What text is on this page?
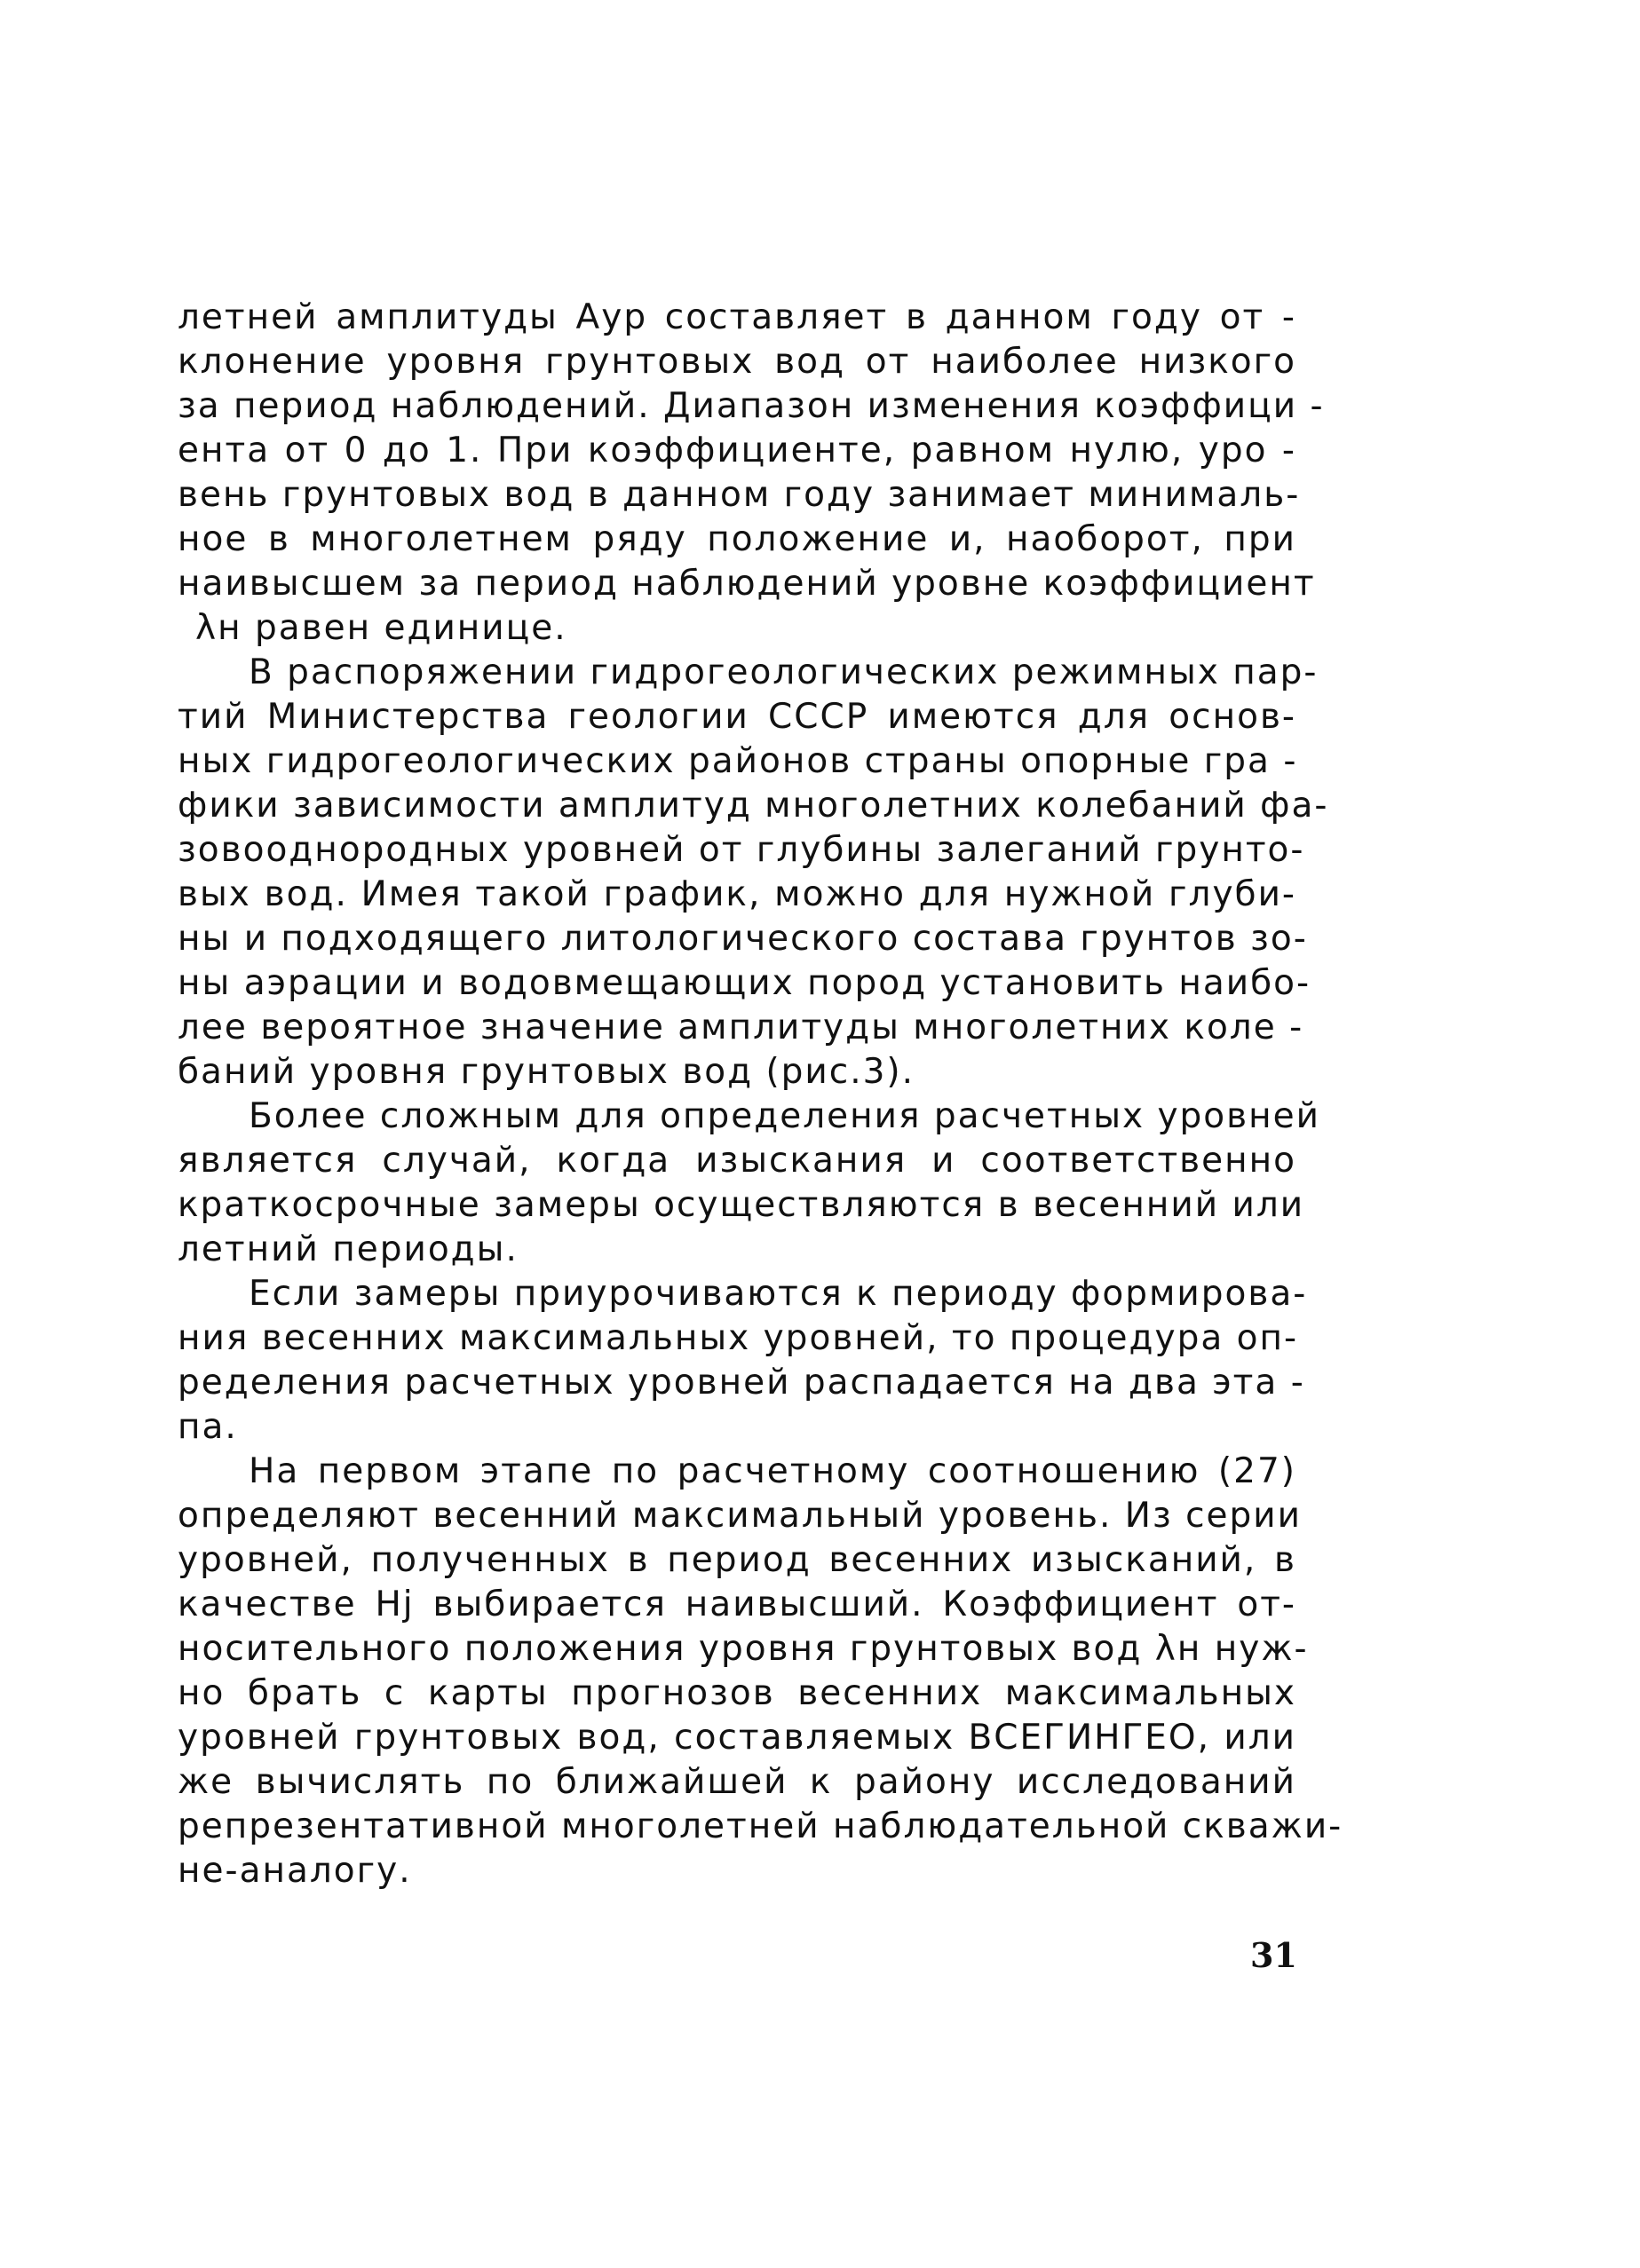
летней амплитуды Aур составляет в данном году от -
клонение уровня грунтовых вод от наиболее низкого
за период наблюдений. Диапазон изменения коэффици -
ента от 0 до 1. При коэффициенте, равном нулю, уро -
вень грунтовых вод в данном году занимает минималь-
ное в многолетнем ряду положение и, наоборот, при
наивысшем за период наблюдений уровне коэффициент
λн равен единице.
В распоряжении гидрогеологических режимных пар-
тий Министерства геологии СССР имеются для основ-
ных гидрогеологических районов страны опорные гра -
фики зависимости амплитуд многолетних колебаний фа-
зовооднородных уровней от глубины залеганий грунто-
вых вод. Имея такой график, можно для нужной глуби-
ны и подходящего литологического состава грунтов зо-
ны аэрации и водовмещающих пород установить наибо-
лее вероятное значение амплитуды многолетних коле -
баний уровня грунтовых вод (рис.3).
Более сложным для определения расчетных уровней
является случай, когда изыскания и соответственно
краткосрочные замеры осуществляются в весенний или
летний периоды.
Если замеры приурочиваются к периоду формирова-
ния весенних максимальных уровней, то процедура оп-
ределения расчетных уровней распадается на два эта -
па.
На первом этапе по расчетному соотношению (27)
определяют весенний максимальный уровень. Из серии
уровней, полученных в период весенних изысканий, в
качестве Hj выбирается наивысший. Коэффициент от-
носительного положения уровня грунтовых вод λн нуж-
но брать с карты прогнозов весенних максимальных
уровней грунтовых вод, составляемых ВСЕГИНГЕО, или
же вычислять по ближайшей к району исследований
репрезентативной многолетней наблюдательной скважи-
не-аналогу.
31
